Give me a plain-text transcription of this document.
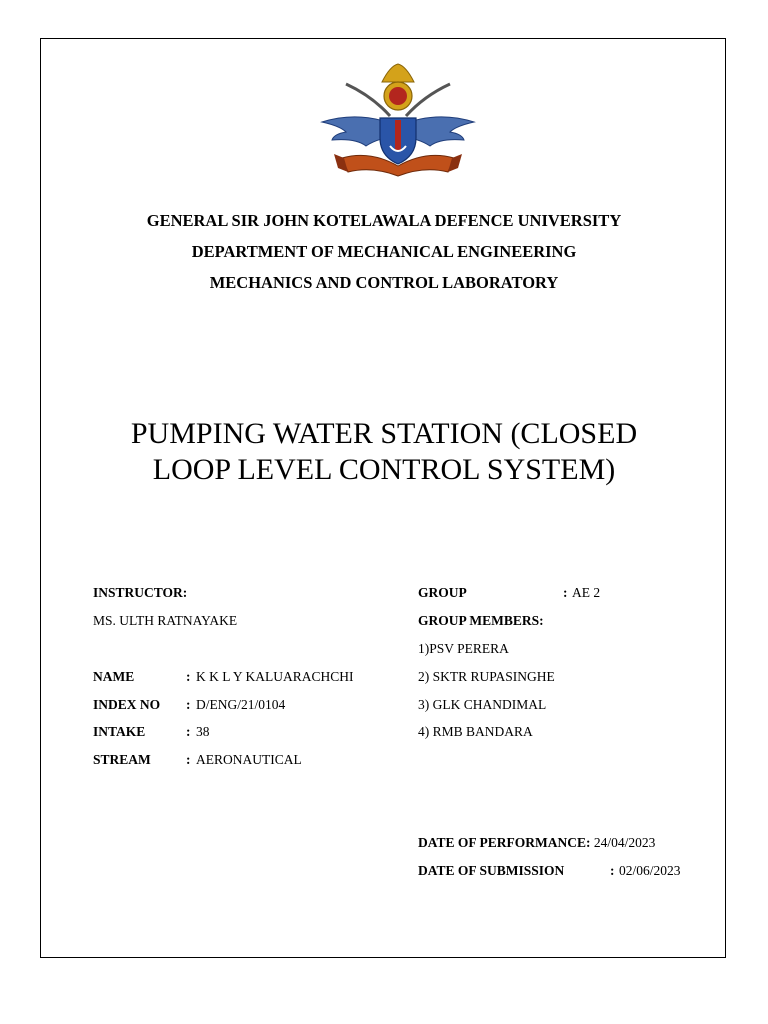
GENERAL SIR JOHN KOTELAWALA DEFENCE UNIVERSITY
DEPARTMENT OF MECHANICAL ENGINEERING
MECHANICS AND CONTROL LABORATORY
PUMPING WATER STATION (CLOSED
LOOP LEVEL CONTROL SYSTEM)
INSTRUCTOR:
MS. ULTH RATNAYAKE
NAME	: K K L Y KALUARACHCHI
INDEX NO : D/ENG/21/0104
INTAKE	: 38
STREAM	: AERONAUTICAL
GROUP	: AE 2
GROUP MEMBERS:
1)PSV PERERA
2) SKTR RUPASINGHE
3) GLK CHANDIMAL
4) RMB BANDARA
DATE OF PERFORMANCE: 24/04/2023
DATE OF SUBMISSION	: 02/06/2023
